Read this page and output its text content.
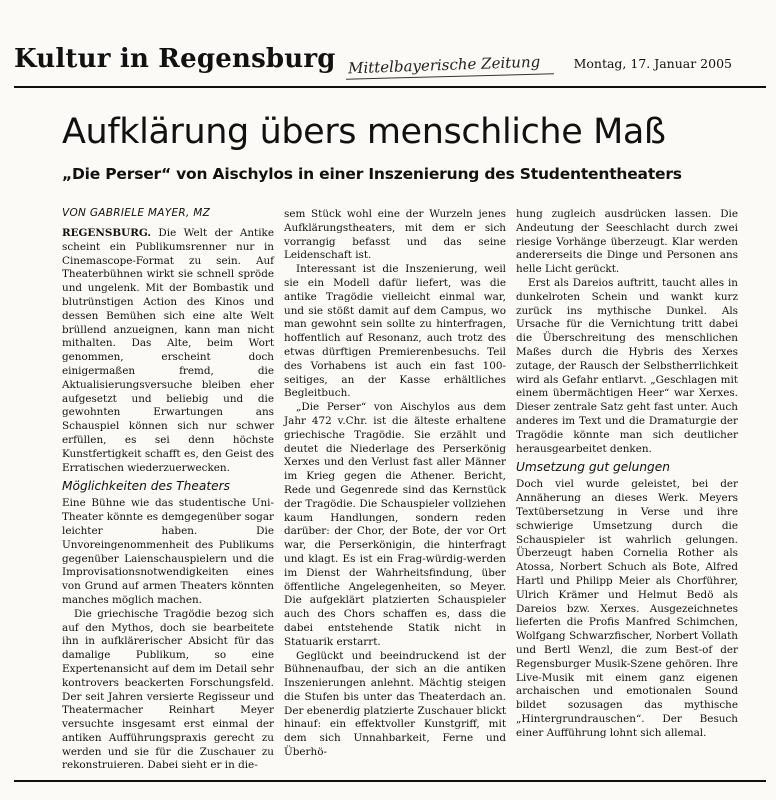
Kultur in Regensburg Mittelbayerische Zeitung	Montag, 17. Januar 2005
Aufklärung übers menschliche Maß
„Die Perser“ von Aischylos in einer Inszenierung des Studententheaters
VON GABRIELE MAYER, MZ

REGENSBURG. Die Welt der Antike scheint ein Publikumsrenner nur in Cinemascope-Format zu sein. Auf Theaterbühnen wirkt sie schnell spröde und ungelenk. Mit der Bombastik und blutrünstigen Action des Kinos und dessen Bemühen sich eine alte Welt brüllend anzueignen, kann man nicht mithalten. Das Alte, beim Wort genommen, erscheint doch einigermaßen fremd, die Aktualisierungsversuche bleiben eher aufgesetzt und beliebig und die gewohnten Erwartungen ans Schauspiel können sich nur schwer erfüllen, es sei denn höchste Kunstfertigkeit schafft es, den Geist des Erratischen wiederzuerwecken.

Möglichkeiten des Theaters

Eine Bühne wie das studentische Uni-Theater könnte es demgegenüber sogar leichter haben. Die Unvoreingenommenheit des Publikums gegenüber Laienschauspielern und die Improvisationsnotwendigkeiten eines von Grund auf armen Theaters könnten manches möglich machen.

Die griechische Tragödie bezog sich auf den Mythos, doch sie bearbeitete ihn in aufklärerischer Absicht für das damalige Publikum, so eine Expertenansicht auf dem im Detail sehr kontrovers beackerten Forschungsfeld. Der seit Jahren versierte Regisseur und Theatermacher Reinhart Meyer versuchte insgesamt erst einmal der antiken Aufführungspraxis gerecht zu werden und sie für die Zuschauer zu rekonstruieren. Dabei sieht er in die-

sem Stück wohl eine der Wurzeln jenes Aufklärungstheaters, mit dem er sich vorrangig befasst und das seine Leidenschaft ist.

Interessant ist die Inszenierung, weil sie ein Modell dafür liefert, was die antike Tragödie vielleicht einmal war, und sie stößt damit auf dem Campus, wo man gewohnt sein sollte zu hinterfragen, hoffentlich auf Resonanz, auch trotz des etwas dürftigen Premierenbesuchs. Teil des Vorhabens ist auch ein fast 100-seitiges, an der Kasse erhältliches Begleitbuch.

„Die Perser“ von Aischylos aus dem Jahr 472 v.Chr. ist die älteste erhaltene griechische Tragödie. Sie erzählt und deutet die Niederlage des Perserkönig Xerxes und den Verlust fast aller Männer im Krieg gegen die Athener. Bericht, Rede und Gegenrede sind das Kernstück der Tragödie. Die Schauspieler vollziehen kaum Handlungen, sondern reden darüber: der Chor, der Bote, der vor Ort war, die Perserkönigin, die hinterfragt und klagt. Es ist ein Frag-würdig-werden im Dienst der Wahrheitsfindung, über öffentliche Angelegenheiten, so Meyer. Die aufgeklärt platzierten Schauspieler auch des Chors schaffen es, dass die dabei entstehende Statik nicht in Statuarik erstarrt.

Geglückt und beeindruckend ist der Bühnenaufbau, der sich an die antiken Inszenierungen anlehnt. Mächtig steigen die Stufen bis unter das Theaterdach an. Der ebenerdig platzierte Zuschauer blickt hinauf: ein effektvoller Kunstgriff, mit dem sich Unnahbarkeit, Ferne und Überhö-

hung zugleich ausdrücken lassen. Die Andeutung der Seeschlacht durch zwei riesige Vorhänge überzeugt. Klar werden andererseits die Dinge und Personen ans helle Licht gerückt.

Erst als Dareios auftritt, taucht alles in dunkelroten Schein und wankt kurz zurück ins mythische Dunkel. Als Ursache für die Vernichtung tritt dabei die Überschreitung des menschlichen Maßes durch die Hybris des Xerxes zutage, der Rausch der Selbstherrlichkeit wird als Gefahr entlarvt. „Geschlagen mit einem übermächtigen Heer“ war Xerxes. Dieser zentrale Satz geht fast unter. Auch anderes im Text und die Dramaturgie der Tragödie könnte man sich deutlicher herausgearbeitet denken.

Umsetzung gut gelungen

Doch viel wurde geleistet, bei der Annäherung an dieses Werk. Meyers Textübersetzung in Verse und ihre schwierige Umsetzung durch die Schauspieler ist wahrlich gelungen. Überzeugt haben Cornelia Rother als Atossa, Norbert Schuch als Bote, Alfred Hartl und Philipp Meier als Chorführer, Ulrich Krämer und Helmut Bedö als Dareios bzw. Xerxes. Ausgezeichnetes lieferten die Profis Manfred Schimchen, Wolfgang Schwarzfischer, Norbert Vollath und Bertl Wenzl, die zum Best-of der Regensburger Musik-Szene gehören. Ihre Live-Musik mit einem ganz eigenen archaischen und emotionalen Sound bildet sozusagen das mythische „Hintergrundrauschen“. Der Besuch einer Aufführung lohnt sich allemal.
